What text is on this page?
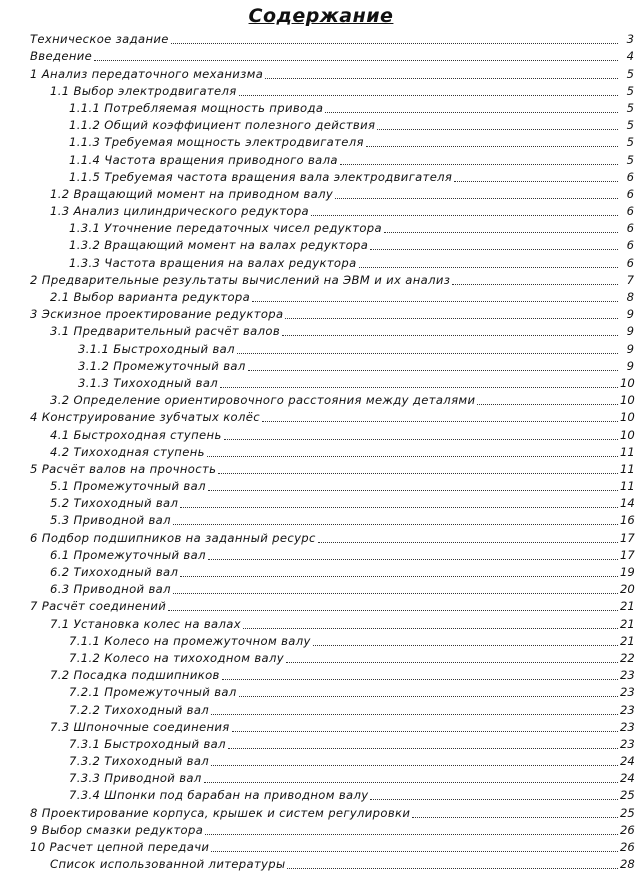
Содержание
Техническое задание	3
Введение	4
1 Анализ передаточного механизма	5
1.1 Выбор электродвигателя	5
1.1.1 Потребляемая мощность привода	5
1.1.2 Общий коэффициент полезного действия	5
1.1.3 Требуемая мощность электродвигателя	5
1.1.4 Частота вращения приводного вала	5
1.1.5 Требуемая частота вращения вала электродвигателя	6
1.2 Вращающий момент на приводном валу	6
1.3 Анализ цилиндрического редуктора	6
1.3.1 Уточнение передаточных чисел редуктора	6
1.3.2 Вращающий момент на валах редуктора	6
1.3.3 Частота вращения на валах редуктора	6
2 Предварительные результаты вычислений на ЭВМ и их анализ	7
2.1 Выбор варианта редуктора	8
3 Эскизное проектирование редуктора	9
3.1 Предварительный расчёт валов	9
3.1.1 Быстроходный вал	9
3.1.2 Промежуточный вал	9
3.1.3 Тихоходный вал	10
3.2 Определение ориентировочного расстояния между деталями	10
4 Конструирование зубчатых колёс	10
4.1 Быстроходная ступень	10
4.2 Тихоходная ступень	11
5 Расчёт валов на прочность	11
5.1 Промежуточный вал	11
5.2 Тихоходный вал	14
5.3 Приводной вал	16
6 Подбор подшипников на заданный ресурс	17
6.1 Промежуточный вал	17
6.2 Тихоходный вал	19
6.3 Приводной вал	20
7 Расчёт соединений	21
7.1 Установка колес на валах	21
7.1.1 Колесо на промежуточном валу	21
7.1.2 Колесо на тихоходном валу	22
7.2 Посадка подшипников	23
7.2.1 Промежуточный вал	23
7.2.2 Тихоходный вал	23
7.3 Шпоночные соединения	23
7.3.1 Быстроходный вал	23
7.3.2 Тихоходный вал	24
7.3.3 Приводной вал	24
7.3.4 Шпонки под барабан на приводном валу	25
8 Проектирование корпуса, крышек и систем регулировки	25
9 Выбор смазки редуктора	26
10 Расчет цепной передачи	26
Список использованной литературы	28
